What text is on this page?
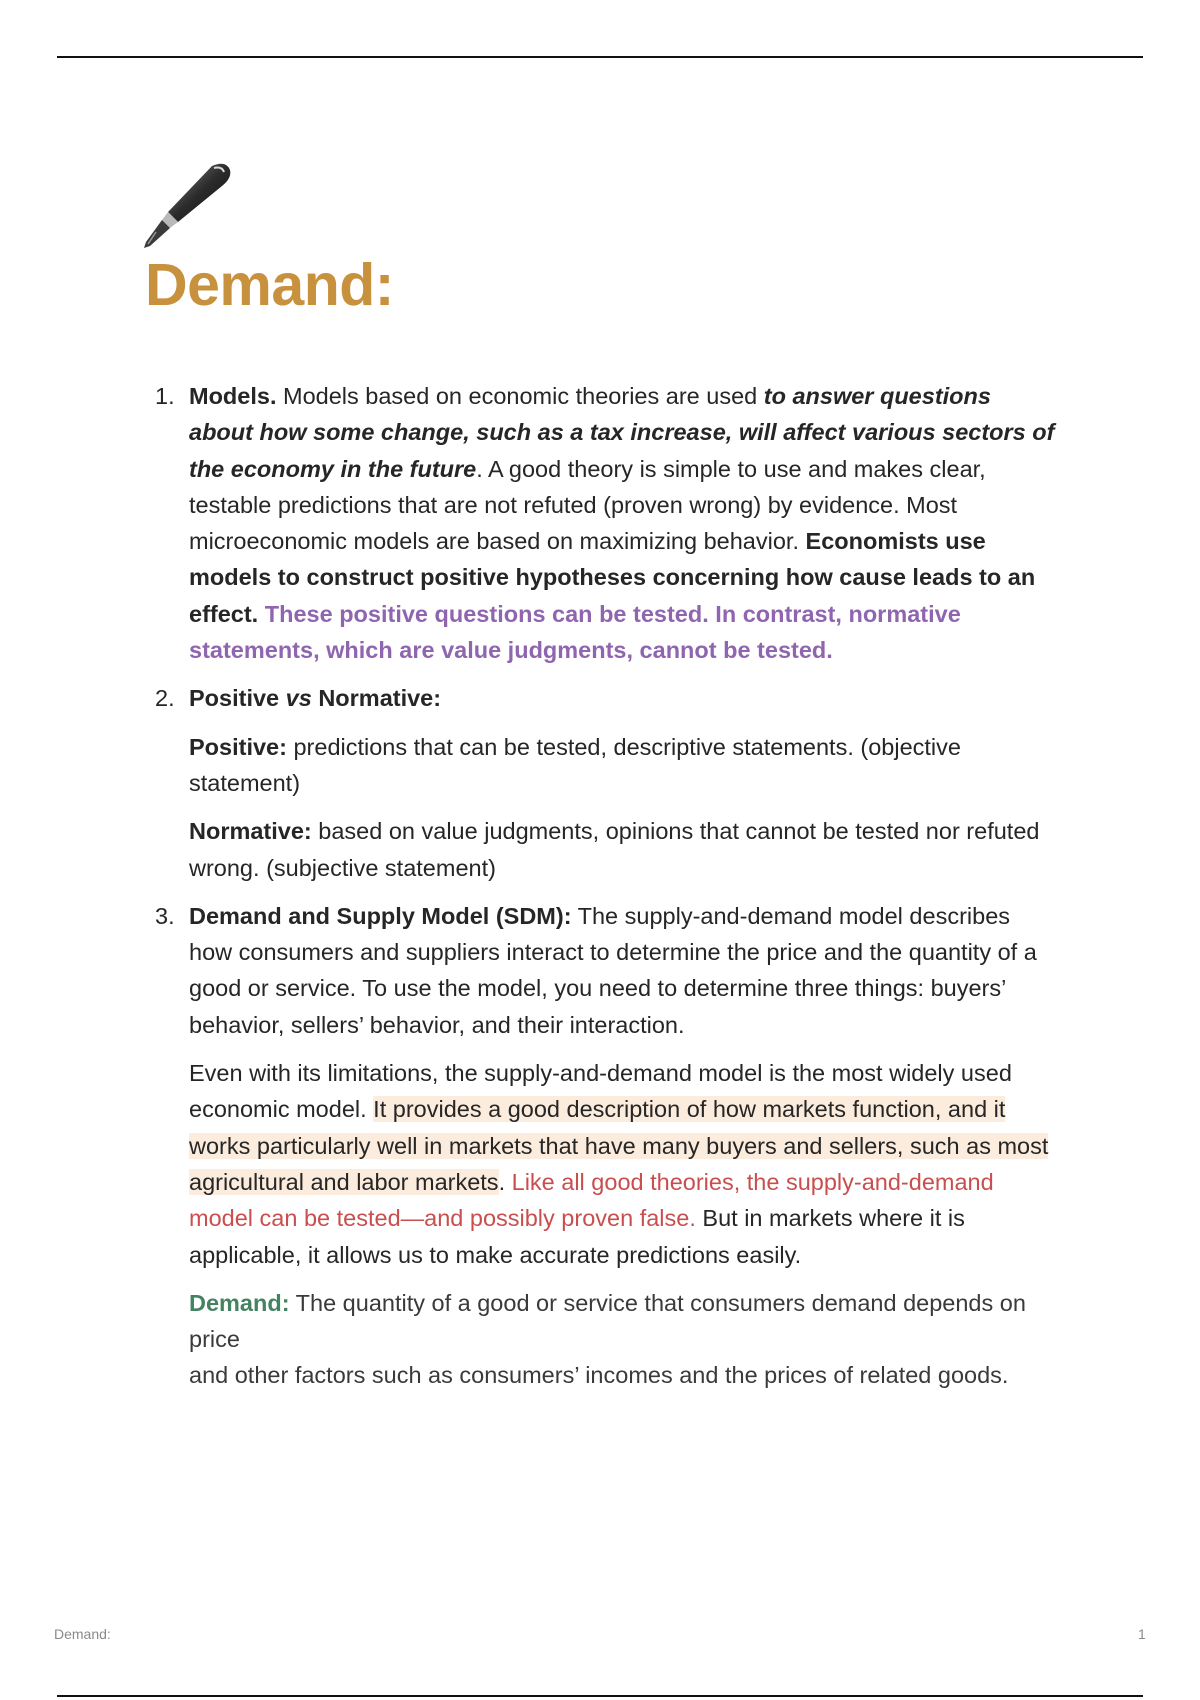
Demand:
1. Models. Models based on economic theories are used to answer questions about how some change, such as a tax increase, will affect various sectors of the economy in the future. A good theory is simple to use and makes clear, testable predictions that are not refuted (proven wrong) by evidence. Most microeconomic models are based on maximizing behavior. Economists use models to construct positive hypotheses concerning how cause leads to an effect. These positive questions can be tested. In contrast, normative statements, which are value judgments, cannot be tested.

2. Positive vs Normative:

Positive: predictions that can be tested, descriptive statements. (objective statement)

Normative: based on value judgments, opinions that cannot be tested nor refuted wrong. (subjective statement)

3. Demand and Supply Model (SDM): The supply-and-demand model describes how consumers and suppliers interact to determine the price and the quantity of a good or service. To use the model, you need to determine three things: buyers’ behavior, sellers’ behavior, and their interaction.

Even with its limitations, the supply-and-demand model is the most widely used economic model. It provides a good description of how markets function, and it works particularly well in markets that have many buyers and sellers, such as most agricultural and labor markets. Like all good theories, the supply-and-demand model can be tested—and possibly proven false. But in markets where it is applicable, it allows us to make accurate predictions easily.

Demand: The quantity of a good or service that consumers demand depends on price
and other factors such as consumers’ incomes and the prices of related goods.

Demand:	1
